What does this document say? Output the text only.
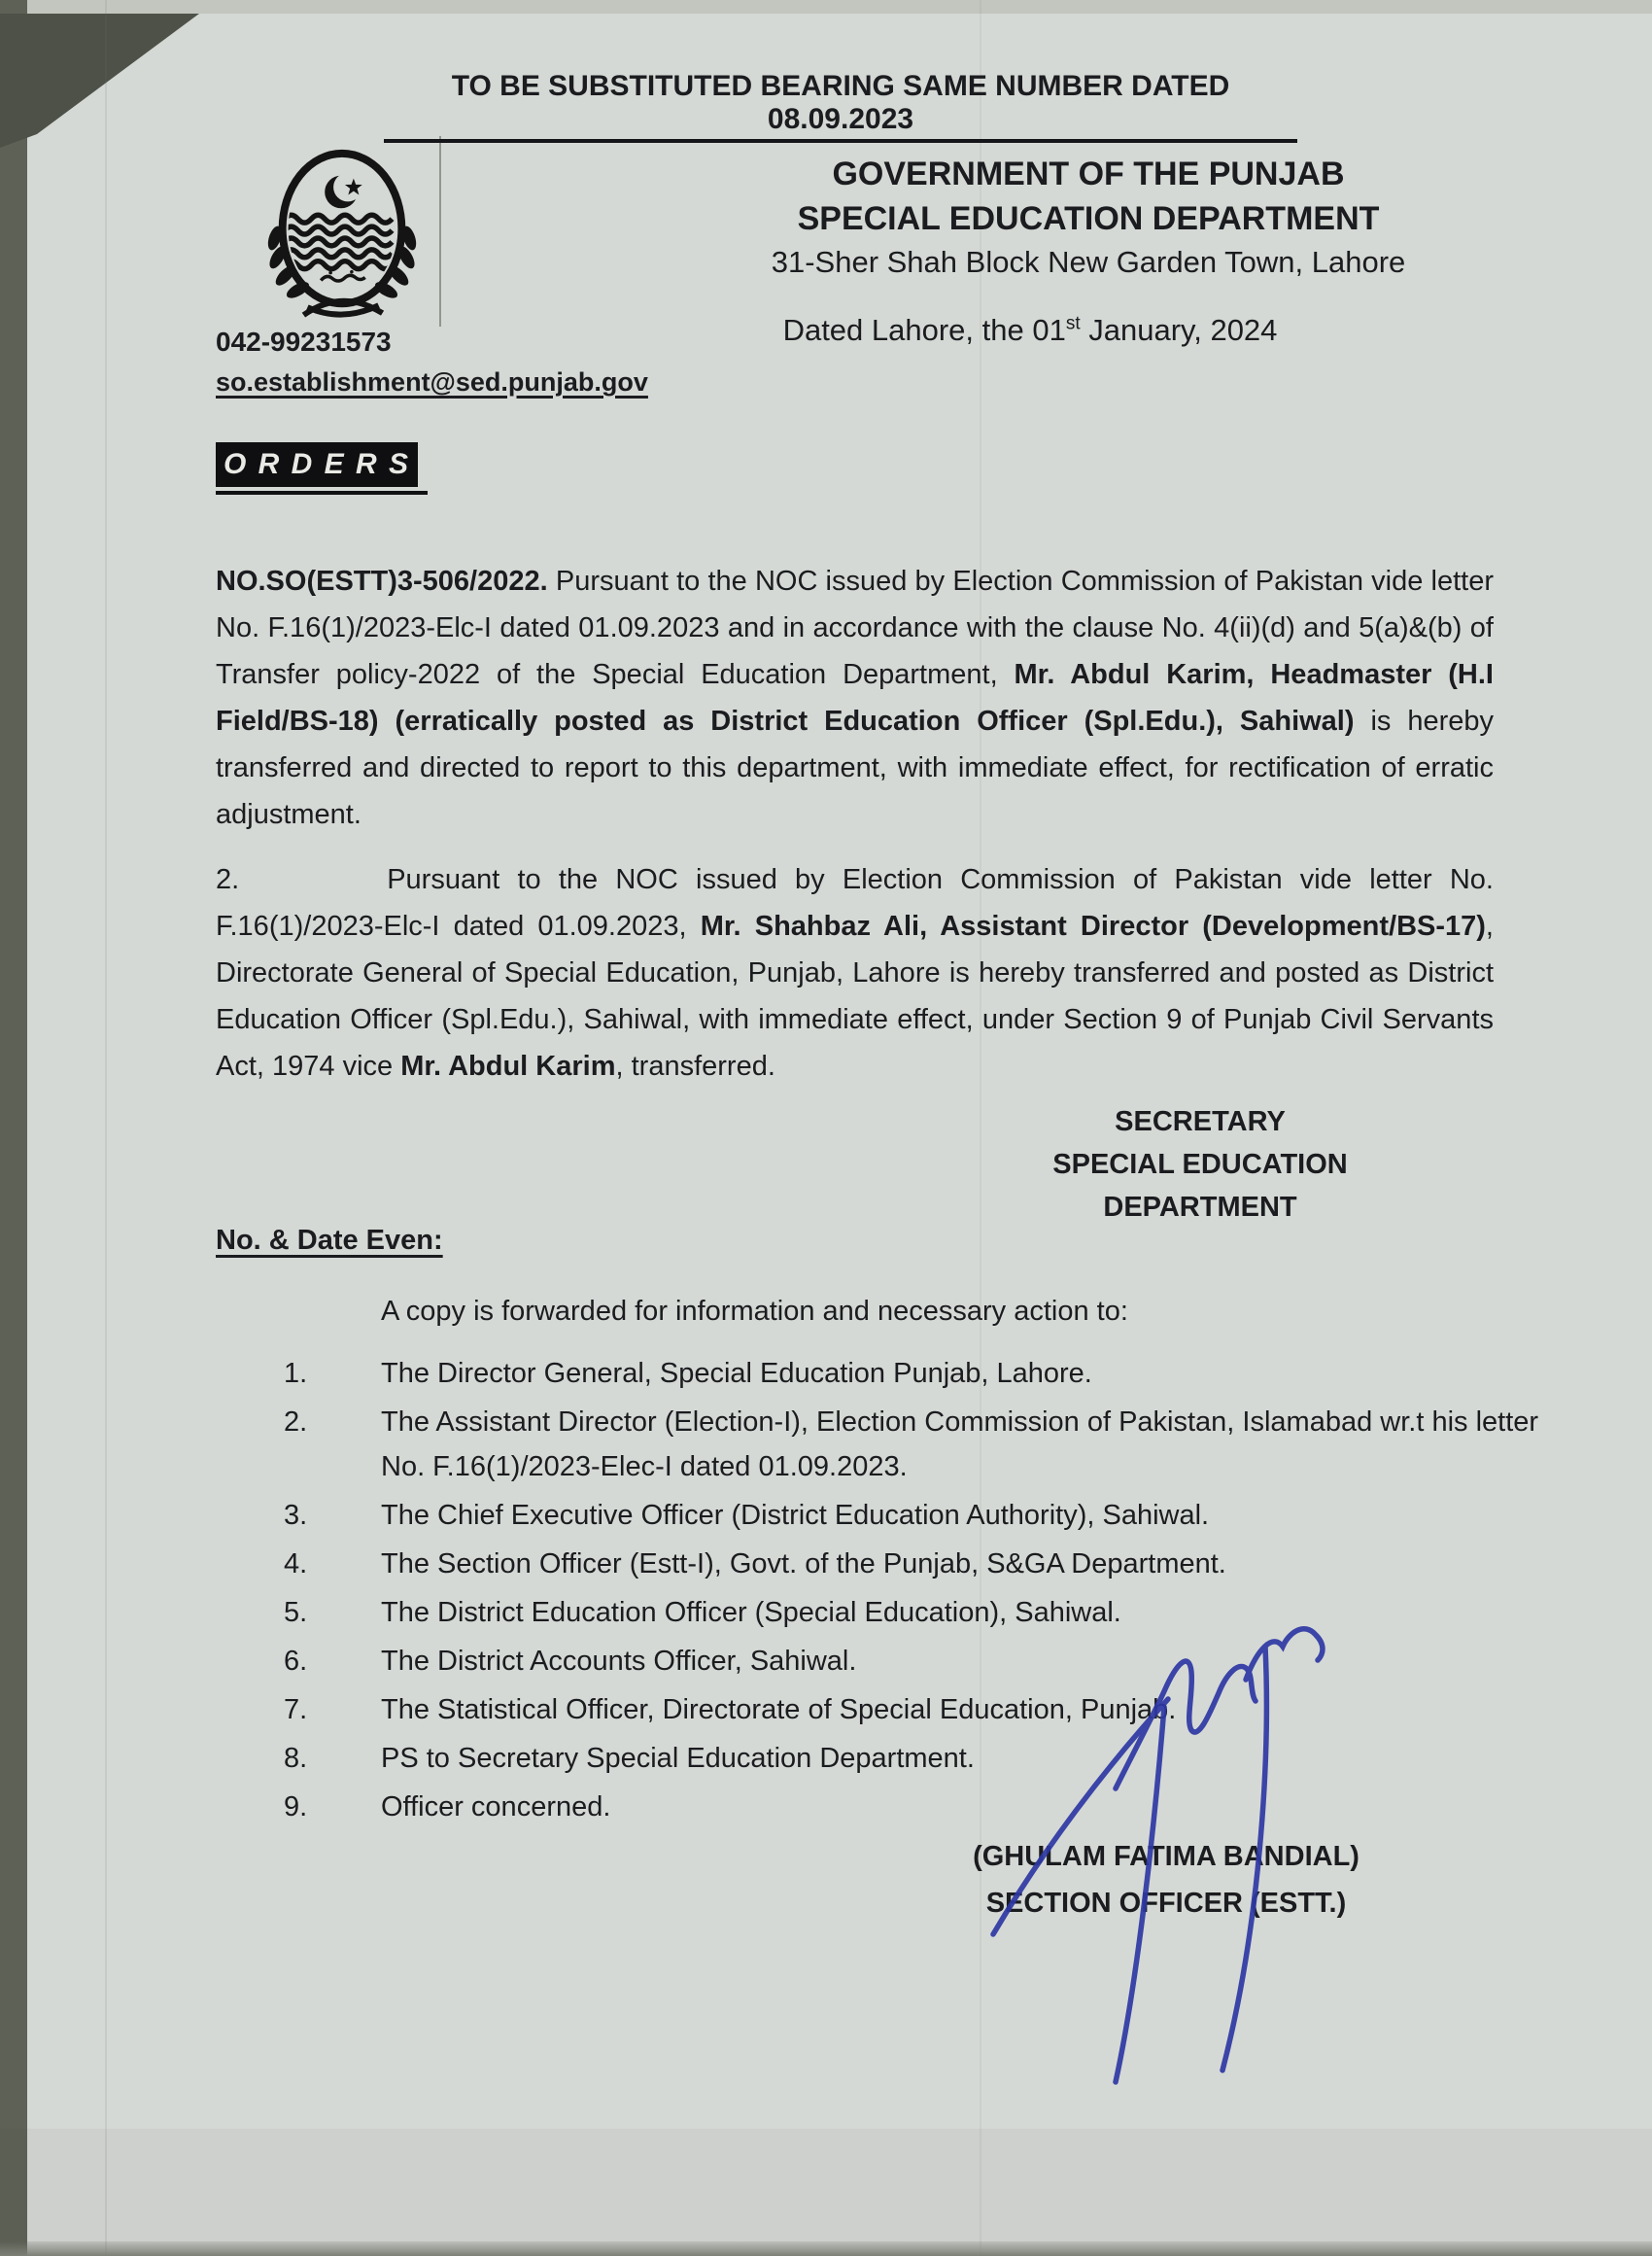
TO BE SUBSTITUTED BEARING SAME NUMBER DATED 08.09.2023
GOVERNMENT OF THE PUNJAB
SPECIAL EDUCATION DEPARTMENT
31-Sher Shah Block New Garden Town, Lahore
Dated Lahore, the 01st January, 2024
042-99231573
so.establishment@sed.punjab.gov
O R D E R S

NO.SO(ESTT)3-506/2022. Pursuant to the NOC issued by Election Commission of Pakistan vide letter No. F.16(1)/2023-Elc-I dated 01.09.2023 and in accordance with the clause No. 4(ii)(d) and 5(a)&(b) of Transfer policy-2022 of the Special Education Department, Mr. Abdul Karim, Headmaster (H.I Field/BS-18) (erratically posted as District Education Officer (Spl.Edu.), Sahiwal) is hereby transferred and directed to report to this department, with immediate effect, for rectification of erratic adjustment.

2.	Pursuant to the NOC issued by Election Commission of Pakistan vide letter No. F.16(1)/2023-Elc-I dated 01.09.2023, Mr. Shahbaz Ali, Assistant Director (Development/BS-17), Directorate General of Special Education, Punjab, Lahore is hereby transferred and posted as District Education Officer (Spl.Edu.), Sahiwal, with immediate effect, under Section 9 of Punjab Civil Servants Act, 1974 vice Mr. Abdul Karim, transferred.

SECRETARY
SPECIAL EDUCATION
DEPARTMENT
No. & Date Even:
A copy is forwarded for information and necessary action to:
1.	The Director General, Special Education Punjab, Lahore.
2.	The Assistant Director (Election-I), Election Commission of Pakistan, Islamabad wr.t his letter No. F.16(1)/2023-Elec-I dated 01.09.2023.
3.	The Chief Executive Officer (District Education Authority), Sahiwal.
4.	The Section Officer (Estt-I), Govt. of the Punjab, S&GA Department.
5.	The District Education Officer (Special Education), Sahiwal.
6.	The District Accounts Officer, Sahiwal.
7.	The Statistical Officer, Directorate of Special Education, Punjab.
8.	PS to Secretary Special Education Department.
9.	Officer concerned.
(GHULAM FATIMA BANDIAL)
SECTION OFFICER (ESTT.)
